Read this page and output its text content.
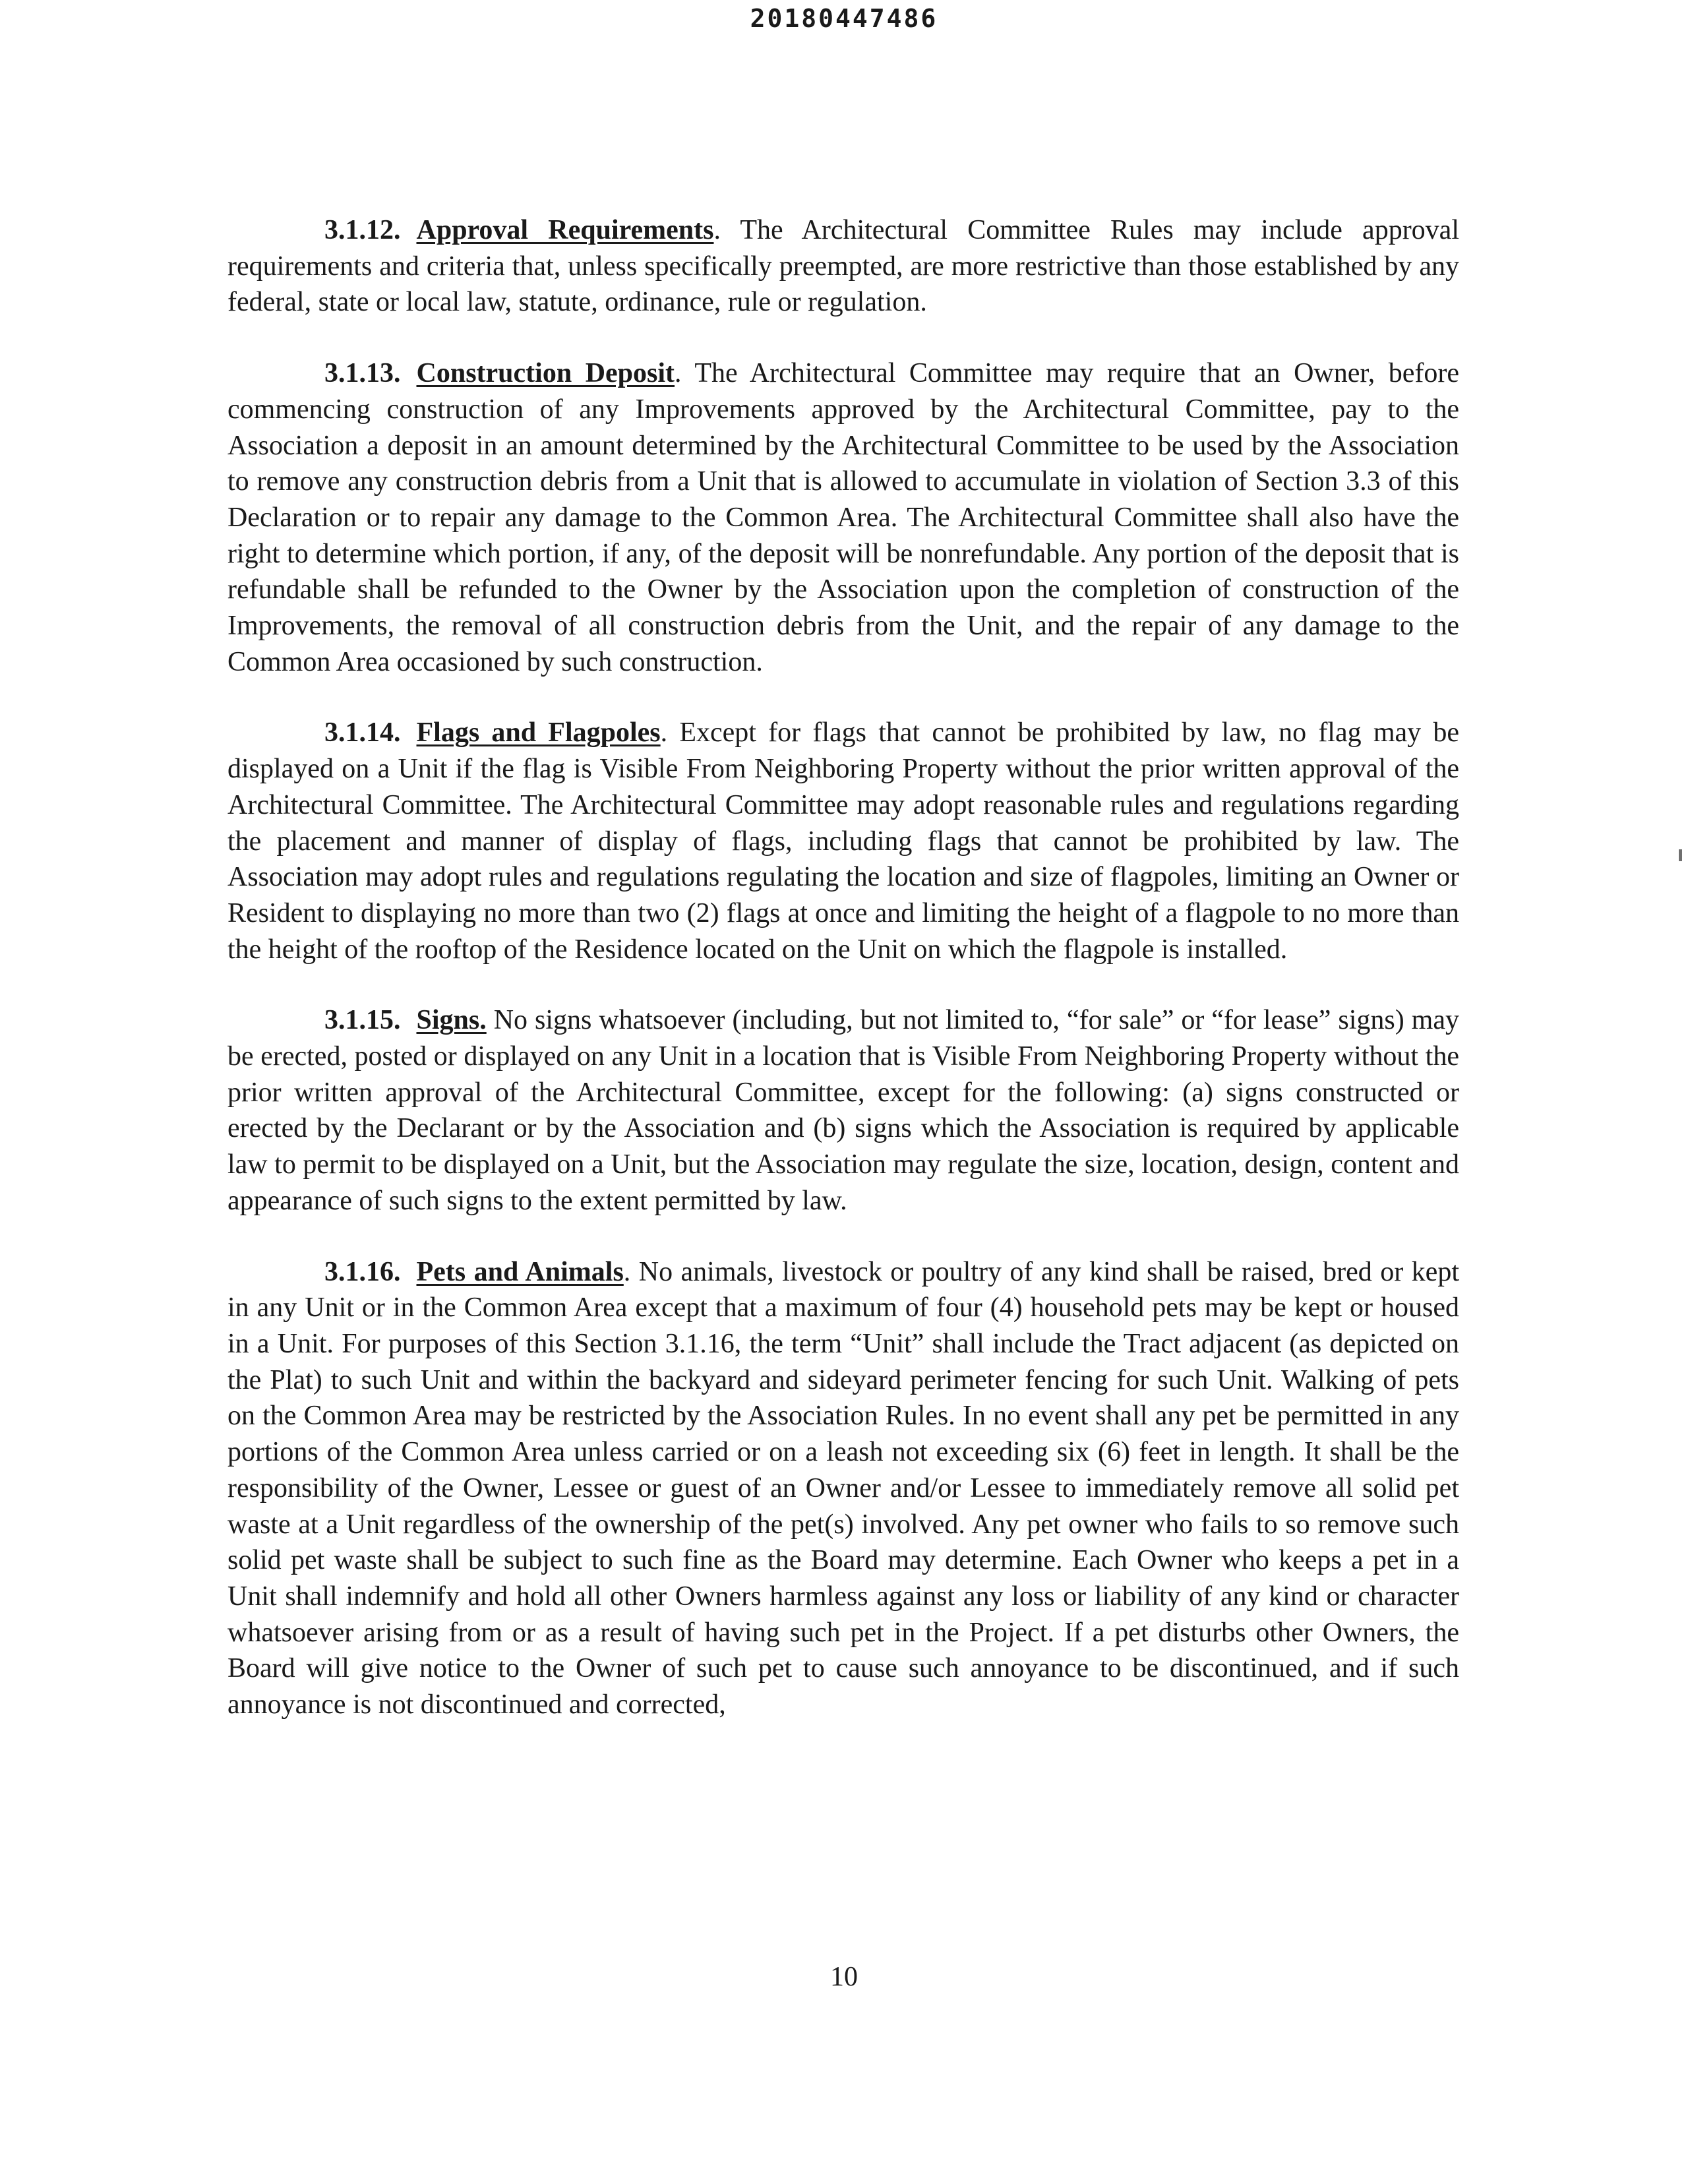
20180447486

3.1.12. Approval Requirements. The Architectural Committee Rules may include approval requirements and criteria that, unless specifically preempted, are more restrictive than those established by any federal, state or local law, statute, ordinance, rule or regulation.

3.1.13. Construction Deposit. The Architectural Committee may require that an Owner, before commencing construction of any Improvements approved by the Architectural Committee, pay to the Association a deposit in an amount determined by the Architectural Committee to be used by the Association to remove any construction debris from a Unit that is allowed to accumulate in violation of Section 3.3 of this Declaration or to repair any damage to the Common Area. The Architectural Committee shall also have the right to determine which portion, if any, of the deposit will be nonrefundable. Any portion of the deposit that is refundable shall be refunded to the Owner by the Association upon the completion of construction of the Improvements, the removal of all construction debris from the Unit, and the repair of any damage to the Common Area occasioned by such construction.

3.1.14. Flags and Flagpoles. Except for flags that cannot be prohibited by law, no flag may be displayed on a Unit if the flag is Visible From Neighboring Property without the prior written approval of the Architectural Committee. The Architectural Committee may adopt reasonable rules and regulations regarding the placement and manner of display of flags, including flags that cannot be prohibited by law. The Association may adopt rules and regulations regulating the location and size of flagpoles, limiting an Owner or Resident to displaying no more than two (2) flags at once and limiting the height of a flagpole to no more than the height of the rooftop of the Residence located on the Unit on which the flagpole is installed.

3.1.15. Signs. No signs whatsoever (including, but not limited to, “for sale” or “for lease” signs) may be erected, posted or displayed on any Unit in a location that is Visible From Neighboring Property without the prior written approval of the Architectural Committee, except for the following: (a) signs constructed or erected by the Declarant or by the Association and (b) signs which the Association is required by applicable law to permit to be displayed on a Unit, but the Association may regulate the size, location, design, content and appearance of such signs to the extent permitted by law.

3.1.16. Pets and Animals. No animals, livestock or poultry of any kind shall be raised, bred or kept in any Unit or in the Common Area except that a maximum of four (4) household pets may be kept or housed in a Unit. For purposes of this Section 3.1.16, the term “Unit” shall include the Tract adjacent (as depicted on the Plat) to such Unit and within the backyard and sideyard perimeter fencing for such Unit. Walking of pets on the Common Area may be restricted by the Association Rules. In no event shall any pet be permitted in any portions of the Common Area unless carried or on a leash not exceeding six (6) feet in length. It shall be the responsibility of the Owner, Lessee or guest of an Owner and/or Lessee to immediately remove all solid pet waste at a Unit regardless of the ownership of the pet(s) involved. Any pet owner who fails to so remove such solid pet waste shall be subject to such fine as the Board may determine. Each Owner who keeps a pet in a Unit shall indemnify and hold all other Owners harmless against any loss or liability of any kind or character whatsoever arising from or as a result of having such pet in the Project. If a pet disturbs other Owners, the Board will give notice to the Owner of such pet to cause such annoyance to be discontinued, and if such annoyance is not discontinued and corrected,

10
